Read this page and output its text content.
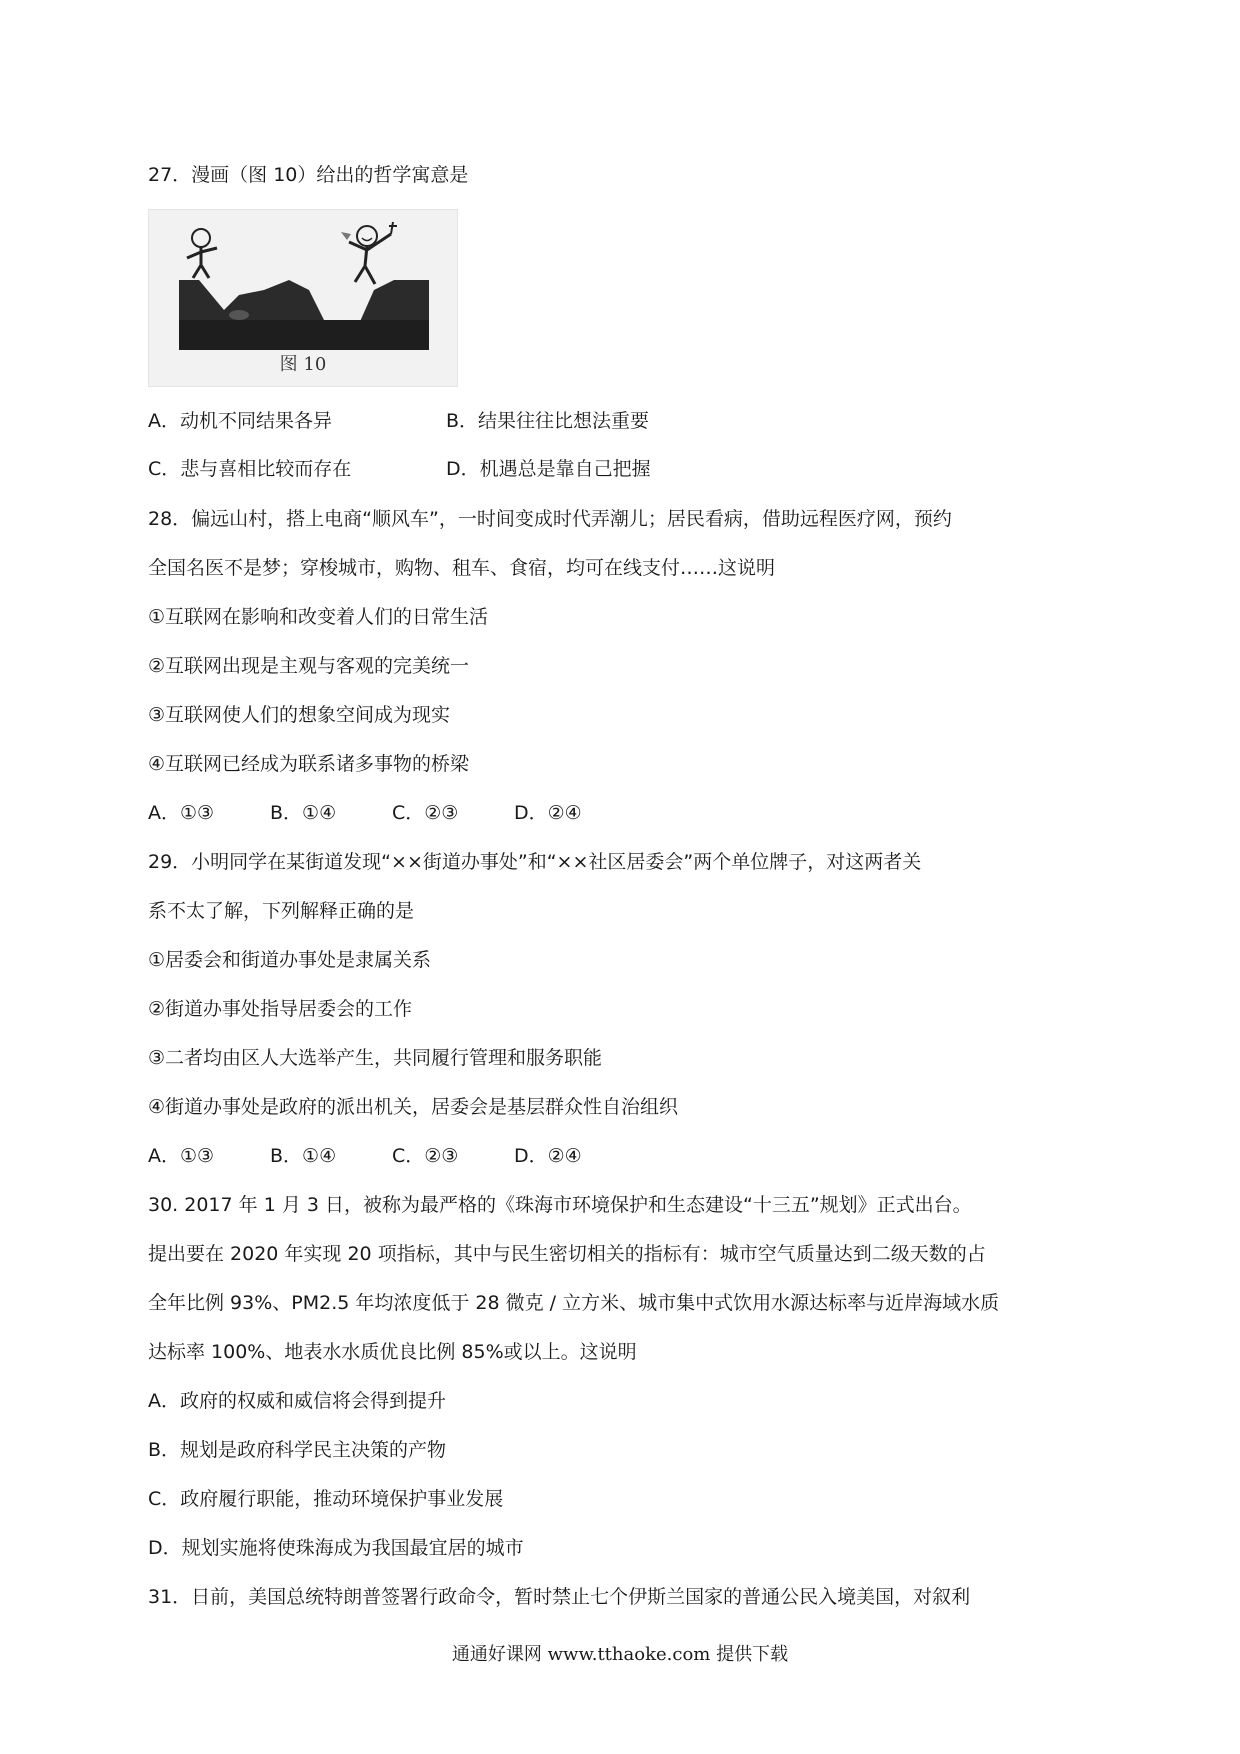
27．漫画（图 10）给出的哲学寓意是
图 10
A．动机不同结果各异	B．结果往往比想法重要
C．悲与喜相比较而存在	D．机遇总是靠自己把握
28．偏远山村，搭上电商“顺风车”，一时间变成时代弄潮儿；居民看病，借助远程医疗网，预约
全国名医不是梦；穿梭城市，购物、租车、食宿，均可在线支付……这说明
①互联网在影响和改变着人们的日常生活
②互联网出现是主观与客观的完美统一
③互联网使人们的想象空间成为现实
④互联网已经成为联系诸多事物的桥梁
A．①③	B．①④	C．②③	D．②④
29．小明同学在某街道发现“××街道办事处”和“××社区居委会”两个单位牌子，对这两者关
系不太了解，下列解释正确的是
①居委会和街道办事处是隶属关系
②街道办事处指导居委会的工作
③二者均由区人大选举产生，共同履行管理和服务职能
④街道办事处是政府的派出机关，居委会是基层群众性自治组织
A．①③	B．①④	C．②③	D．②④
30. 2017 年 1 月 3 日，被称为最严格的《珠海市环境保护和生态建设“十三五”规划》正式出台。
提出要在 2020 年实现 20 项指标，其中与民生密切相关的指标有：城市空气质量达到二级天数的占
全年比例 93%、PM2.5 年均浓度低于 28 微克 / 立方米、城市集中式饮用水源达标率与近岸海域水质
达标率 100%、地表水水质优良比例 85%或以上。这说明
A．政府的权威和威信将会得到提升
B．规划是政府科学民主决策的产物
C．政府履行职能，推动环境保护事业发展
D．规划实施将使珠海成为我国最宜居的城市
31．日前，美国总统特朗普签署行政命令，暂时禁止七个伊斯兰国家的普通公民入境美国，对叙利
通通好课网 www.tthaoke.com 提供下载
